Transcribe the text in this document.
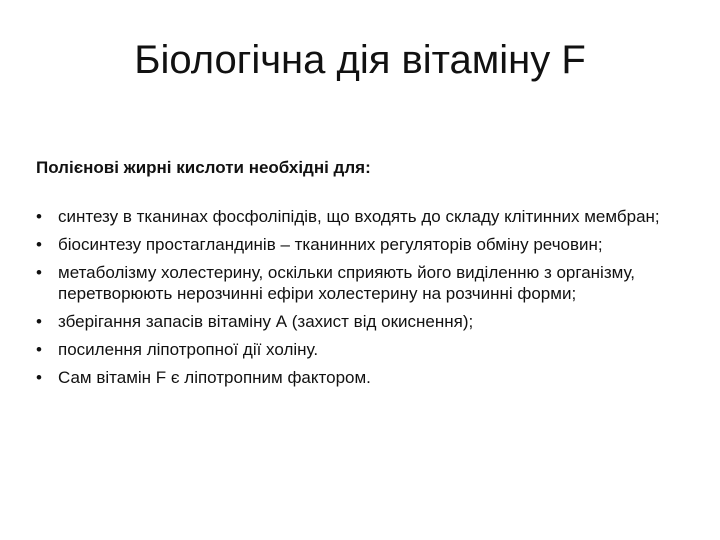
Біологічна дія вітаміну F

Полієнові жирні кислоти необхідні для:

• синтезу в тканинах фосфоліпідів, що входять до складу клітинних мембран;
• біосинтезу простагландинів – тканинних регуляторів обміну речовин;
• метаболізму холестерину, оскільки сприяють його виділенню з організму, перетворюють нерозчинні ефіри холестерину на розчинні форми;
• зберігання запасів вітаміну А (захист від окиснення);
• посилення ліпотропної дії холіну.
• Сам вітамін F є ліпотропним фактором.
